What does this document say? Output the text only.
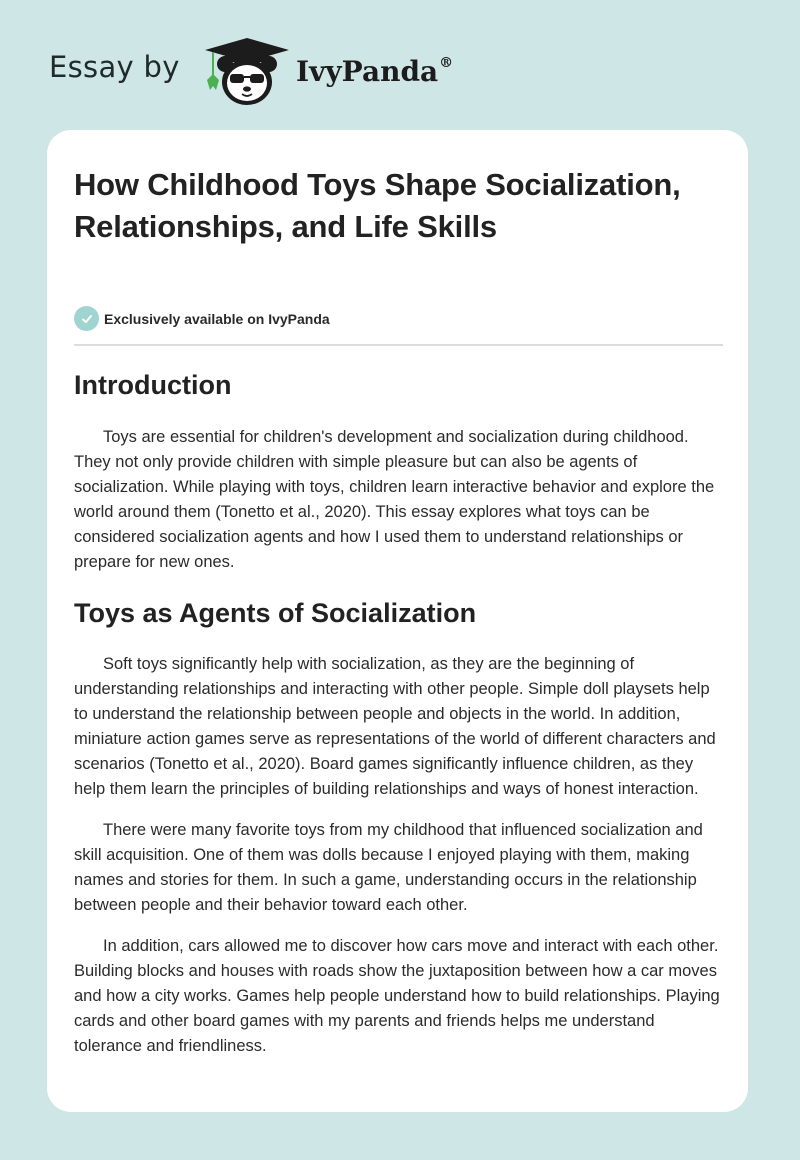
Essay by	IvyPanda®
How Childhood Toys Shape Socialization, Relationships, and Life Skills
Exclusively available on IvyPanda
Introduction

Toys are essential for children's development and socialization during childhood. They not only provide children with simple pleasure but can also be agents of socialization. While playing with toys, children learn interactive behavior and explore the world around them (Tonetto et al., 2020). This essay explores what toys can be considered socialization agents and how I used them to understand relationships or prepare for new ones.

Toys as Agents of Socialization

Soft toys significantly help with socialization, as they are the beginning of understanding relationships and interacting with other people. Simple doll playsets help to understand the relationship between people and objects in the world. In addition, miniature action games serve as representations of the world of different characters and scenarios (Tonetto et al., 2020). Board games significantly influence children, as they help them learn the principles of building relationships and ways of honest interaction.

There were many favorite toys from my childhood that influenced socialization and skill acquisition. One of them was dolls because I enjoyed playing with them, making names and stories for them. In such a game, understanding occurs in the relationship between people and their behavior toward each other.

In addition, cars allowed me to discover how cars move and interact with each other. Building blocks and houses with roads show the juxtaposition between how a car moves and how a city works. Games help people understand how to build relationships. Playing cards and other board games with my parents and friends helps me understand tolerance and friendliness.
